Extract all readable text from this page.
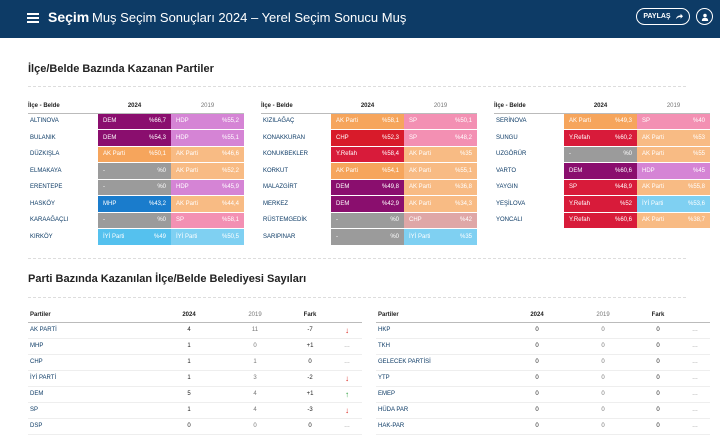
Seçim Muş Seçim Sonuçları 2024 – Yerel Seçim Sonucu Muş	PAYLAŞ
İlçe/Belde Bazında Kazanan Partiler
İlçe - Belde	2024	2019
ALTINOVA	DEM %66,7	HDP %55,2

BULANIK	DEM %54,3	HDP %55,1

DÜZKIŞLA	AK Parti %50,1	AK Parti %46,6

ELMAKAYA	- %0	AK Parti %52,2

ERENTEPE	- %0	HDP %45,9

HASKÖY	MHP %43,2	AK Parti %44,4

KARAAĞAÇLI	- %0	SP %58,1

KIRKÖY	İYİ Parti %49	İYİ Parti %50,5
İlçe - Belde	2024	2019
KIZILAĞAÇ	AK Parti %58,1	SP %50,1

KONAKKURAN	CHP %52,3	SP %48,2

KONUKBEKLER	Y.Refah %58,4	AK Parti %35

KORKUT	AK Parti %54,1	AK Parti %55,1

MALAZGİRT	DEM %49,8	AK Parti %36,8

MERKEZ	DEM %42,9	AK Parti %34,3

RÜSTEMGEDİK	- %0	CHP %42

SARIPINAR	- %0	İYİ Parti %35
İlçe - Belde	2024	2019
SERİNOVA	AK Parti %49,3	SP %40

SUNGU	Y.Refah %60,2	AK Parti %53

UZGÖRÜR	- %0	AK Parti %55

VARTO	DEM %60,6	HDP %45

YAYGIN	SP %48,9	AK Parti %55,8

YEŞİLOVA	Y.Refah %52	İYİ Parti %53,6

YONCALI	Y.Refah %60,6	AK Parti %38,7
Parti Bazında Kazanılan İlçe/Belde Belediyesi Sayıları
Partiler	2024	2019	Fark	
AK PARTİ	4	11	-7	↓
MHP	1	0	+1	…
CHP	1	1	0	…
İYİ PARTİ	1	3	-2	↓
DEM	5	4	+1	↑
SP	1	4	-3	↓
DSP	0	0	0	…
Partiler	2024	2019	Fark	
HKP	0	0	0	…
TKH	0	0	0	…
GELECEK PARTİSİ	0	0	0	…
YTP	0	0	0	…
EMEP	0	0	0	…
HÜDA PAR	0	0	0	…
HAK-PAR	0	0	0	…
